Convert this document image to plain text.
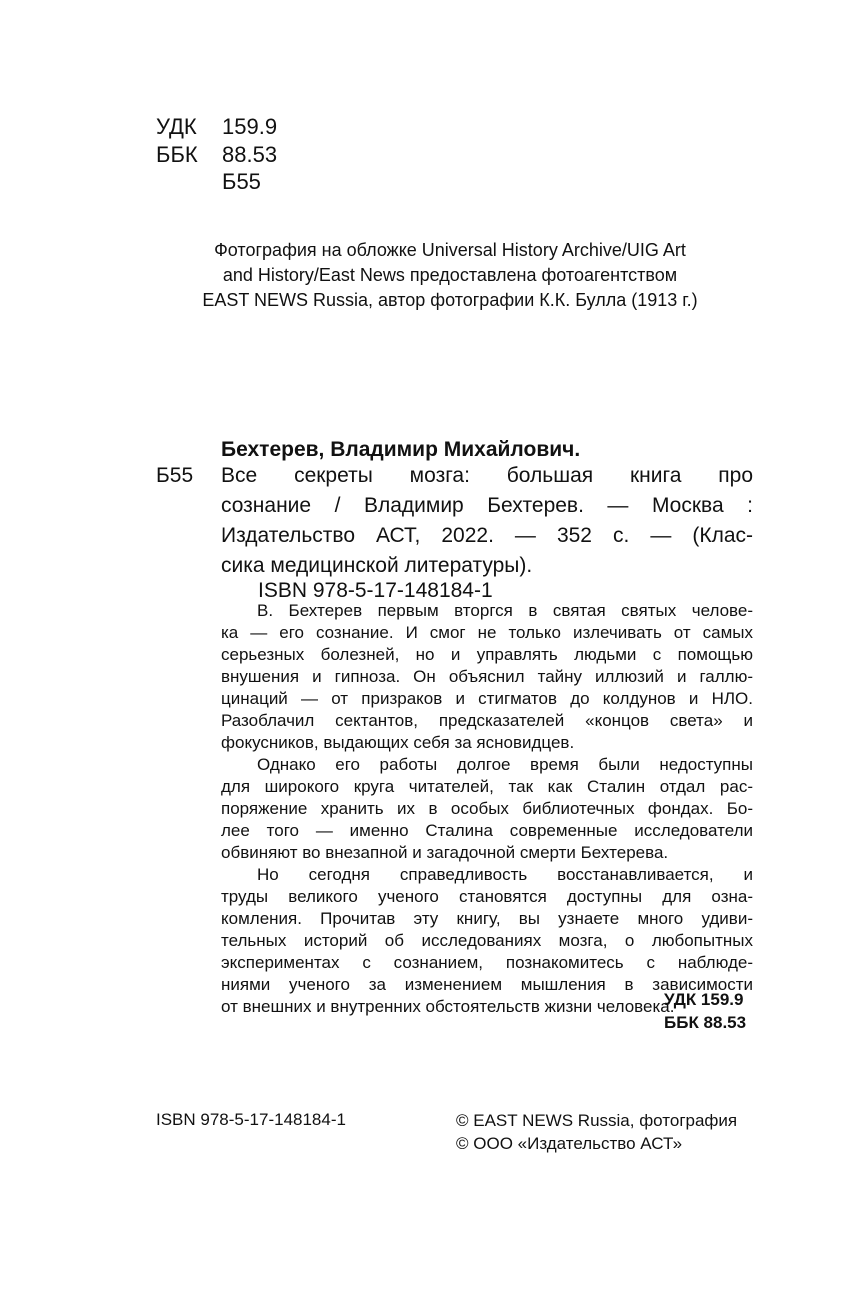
УДК 159.9
ББК 88.53
Б55
Фотография на обложке Universal History Archive/UIG Art
and History/East News предоставлена фотоагентством
EAST NEWS Russia, автор фотографии К.К. Булла (1913 г.)
Бехтерев, Владимир Михайлович.
Б55 Все секреты мозга: большая книга про
сознание / Владимир Бехтерев. — Москва :
Издательство АСТ, 2022. — 352 с. — (Клас-
сика медицинской литературы).
ISBN 978-5-17-148184-1
В. Бехтерев первым вторгся в святая святых челове-
ка — его сознание. И смог не только излечивать от самых
серьезных болезней, но и управлять людьми с помощью
внушения и гипноза. Он объяснил тайну иллюзий и галлю-
цинаций — от призраков и стигматов до колдунов и НЛО.
Разоблачил сектантов, предсказателей «концов света» и
фокусников, выдающих себя за ясновидцев.
Однако его работы долгое время были недоступны
для широкого круга читателей, так как Сталин отдал рас-
поряжение хранить их в особых библиотечных фондах. Бо-
лее того — именно Сталина современные исследователи
обвиняют во внезапной и загадочной смерти Бехтерева.
Но сегодня справедливость восстанавливается, и
труды великого ученого становятся доступны для озна-
комления. Прочитав эту книгу, вы узнаете много удиви-
тельных историй об исследованиях мозга, о любопытных
экспериментах с сознанием, познакомитесь с наблюде-
ниями ученого за изменением мышления в зависимости
от внешних и внутренних обстоятельств жизни человека.
УДК 159.9
ББК 88.53
ISBN 978-5-17-148184-1	© EAST NEWS Russia, фотография
© ООО «Издательство АСТ»
